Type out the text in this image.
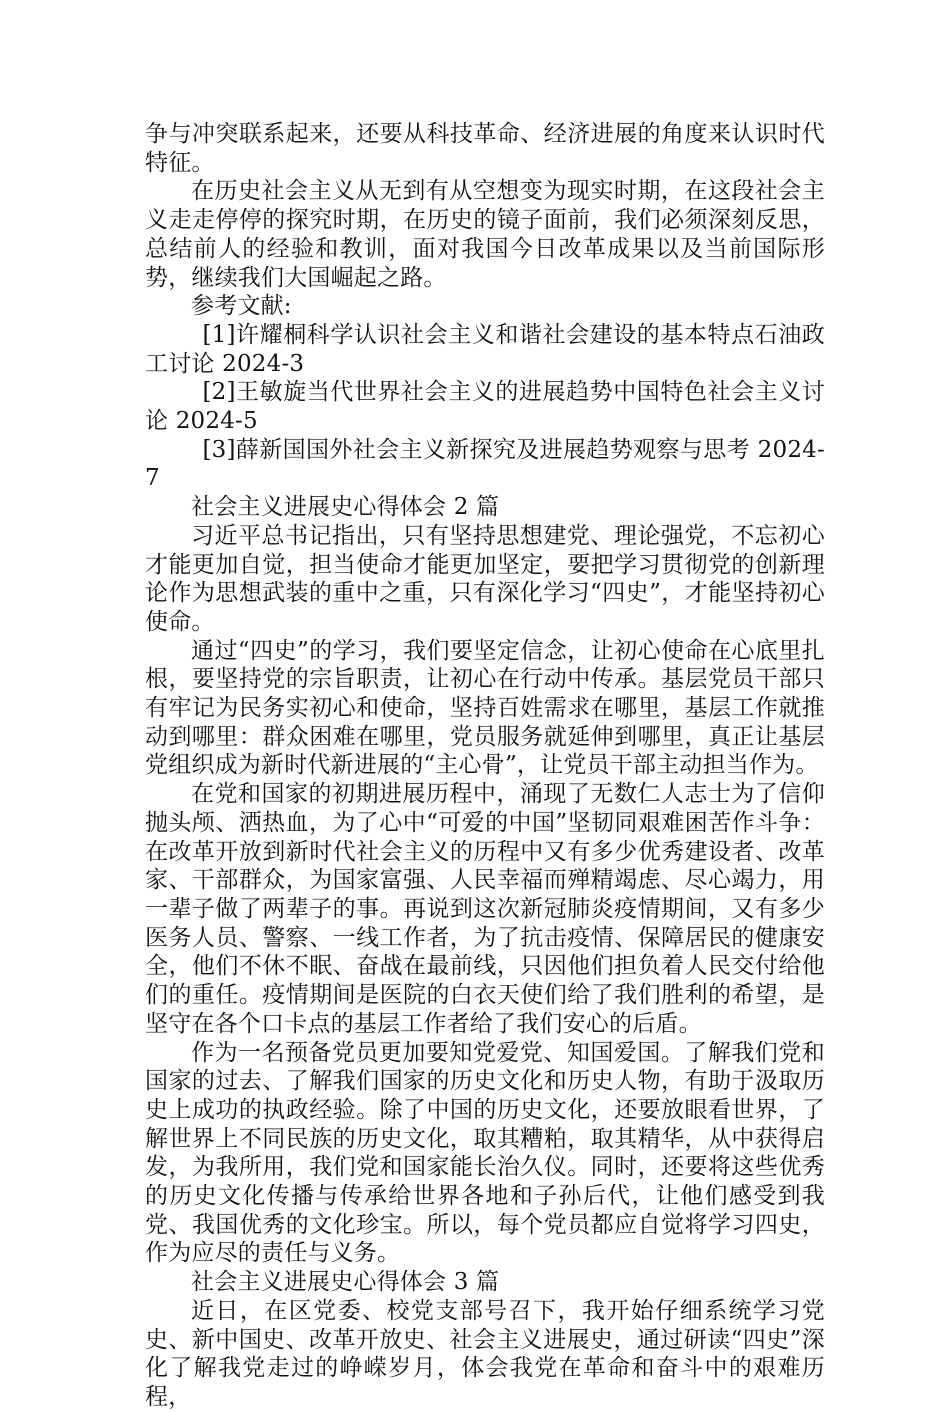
争与冲突联系起来，还要从科技革命、经济进展的角度来认识时代特征。

在历史社会主义从无到有从空想变为现实时期，在这段社会主义走走停停的探究时期，在历史的镜子面前，我们必须深刻反思，总结前人的经验和教训，面对我国今日改革成果以及当前国际形势，继续我们大国崛起之路。

参考文献:

[1]许耀桐科学认识社会主义和谐社会建设的基本特点石油政工讨论 2024-3

[2]王敏旋当代世界社会主义的进展趋势中国特色社会主义讨论 2024-5

[3]薛新国国外社会主义新探究及进展趋势观察与思考 2024-7

社会主义进展史心得体会 2 篇

习近平总书记指出，只有坚持思想建党、理论强党，不忘初心才能更加自觉，担当使命才能更加坚定，要把学习贯彻党的创新理论作为思想武装的重中之重，只有深化学习“四史”，才能坚持初心使命。

通过“四史”的学习，我们要坚定信念，让初心使命在心底里扎根，要坚持党的宗旨职责，让初心在行动中传承。基层党员干部只有牢记为民务实初心和使命，坚持百姓需求在哪里，基层工作就推动到哪里：群众困难在哪里，党员服务就延伸到哪里，真正让基层党组织成为新时代新进展的“主心骨”，让党员干部主动担当作为。

在党和国家的初期进展历程中，涌现了无数仁人志士为了信仰抛头颅、洒热血，为了心中“可爱的中国”坚韧同艰难困苦作斗争：在改革开放到新时代社会主义的历程中又有多少优秀建设者、改革家、干部群众，为国家富强、人民幸福而殚精竭虑、尽心竭力，用一辈子做了两辈子的事。再说到这次新冠肺炎疫情期间，又有多少医务人员、警察、一线工作者，为了抗击疫情、保障居民的健康安全，他们不休不眠、奋战在最前线，只因他们担负着人民交付给他们的重任。疫情期间是医院的白衣天使们给了我们胜利的希望，是坚守在各个口卡点的基层工作者给了我们安心的后盾。

作为一名预备党员更加要知党爱党、知国爱国。了解我们党和国家的过去、了解我们国家的历史文化和历史人物，有助于汲取历史上成功的执政经验。除了中国的历史文化，还要放眼看世界，了解世界上不同民族的历史文化，取其糟粕，取其精华，从中获得启发，为我所用，我们党和国家能长治久仪。同时，还要将这些优秀的历史文化传播与传承给世界各地和子孙后代，让他们感受到我党、我国优秀的文化珍宝。所以，每个党员都应自觉将学习四史，作为应尽的责任与义务。

社会主义进展史心得体会 3 篇

近日，在区党委、校党支部号召下，我开始仔细系统学习党史、新中国史、改革开放史、社会主义进展史，通过研读“四史”深化了解我党走过的峥嵘岁月，体会我党在革命和奋斗中的艰难历程，
